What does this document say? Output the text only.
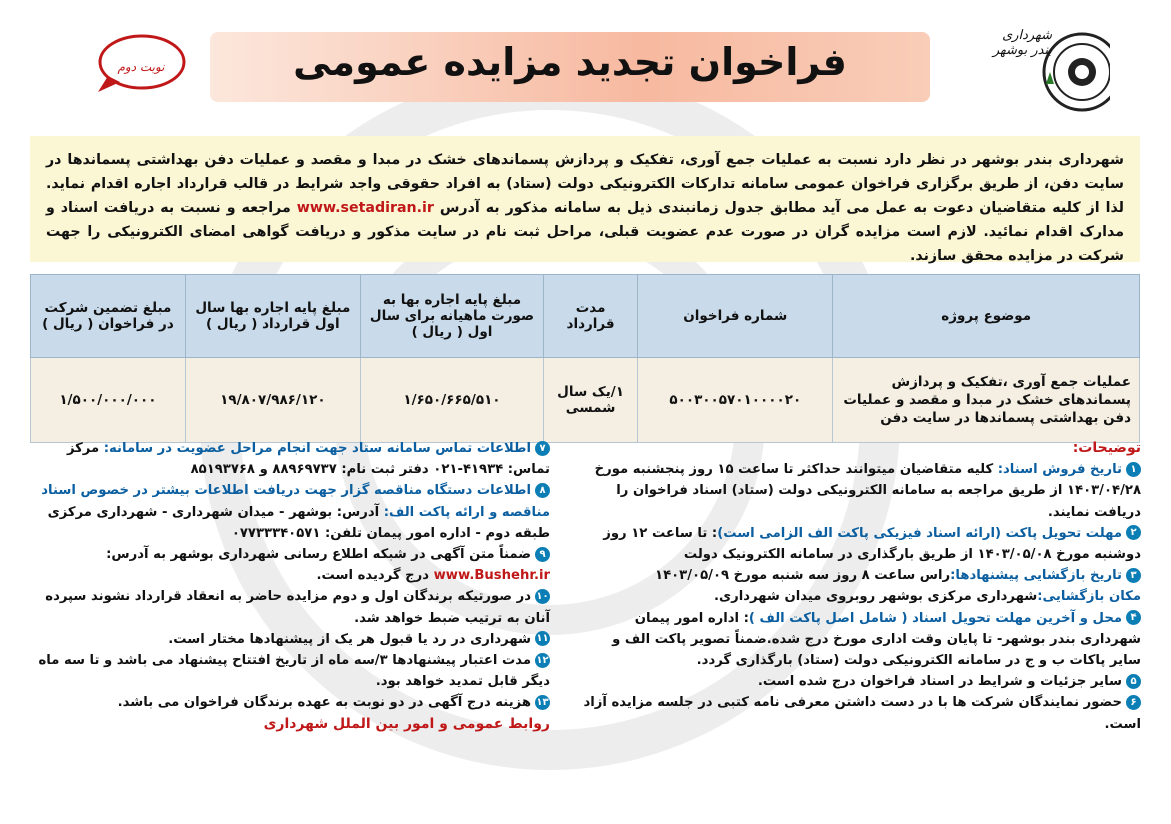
فراخوان تجدید مزایده عمومی
شهرداری بندر بوشهر
نوبت دوم
شهرداری بندر بوشهر در نظر دارد نسبت به عملیات جمع آوری، تفکیک و پردازش پسماندهای خشک در مبدا و مقصد و عملیات دفن بهداشتی پسماندها در سایت دفن، از طریق برگزاری فراخوان عمومی سامانه تدارکات الکترونیکی دولت (ستاد) به افراد حقوقی واجد شرایط در قالب قرارداد اجاره اقدام نماید. لذا از کلیه متقاضیان دعوت به عمل می آید مطابق جدول زمانبندی ذیل به سامانه مذکور به آدرس www.setadiran.ir مراجعه و نسبت به دریافت اسناد و مدارک اقدام نمائید. لازم است مزایده گران در صورت عدم عضویت قبلی، مراحل ثبت نام در سایت مذکور و دریافت گواهی امضای الکترونیکی را جهت شرکت در مزایده محقق سازند.
موضوع پروژه	شماره فراخوان	مدت قرارداد	مبلغ پایه اجاره بها به صورت ماهیانه برای سال اول ( ریال )	مبلغ پایه اجاره بها سال اول قرارداد ( ریال )	مبلغ تضمین شرکت در فراخوان ( ریال )
عملیات جمع آوری ،تفکیک و پردازش پسماندهای خشک در مبدا و مقصد و عملیات دفن بهداشتی پسماندها در سایت دفن	۵۰۰۳۰۰۵۷۰۱۰۰۰۰۲۰	۱/یک سال شمسی	۱/۶۵۰/۶۶۵/۵۱۰	۱۹/۸۰۷/۹۸۶/۱۲۰	۱/۵۰۰/۰۰۰/۰۰۰
توضیحات:

۱تاریخ فروش اسناد: کلیه متقاضیان میتوانند حداکثر تا ساعت ۱۵ روز پنجشنبه مورخ ۱۴۰۳/۰۴/۲۸ از طریق مراجعه به سامانه الکترونیکی دولت (ستاد) اسناد فراخوان را دریافت نمایند.

۲مهلت تحویل پاکت (ارائه اسناد فیزیکی پاکت الف الزامی است): تا ساعت ۱۲ روز دوشنبه مورخ ۱۴۰۳/۰۵/۰۸ از طریق بارگذاری در سامانه الکترونیک دولت

۳تاریخ بازگشایی پیشنهادها:راس ساعت ۸ روز سه شنبه مورخ ۱۴۰۳/۰۵/۰۹

مکان بازگشایی:شهرداری مرکزی بوشهر روبروی میدان شهرداری.

۴محل و آخرین مهلت تحویل اسناد ( شامل اصل پاکت الف ): اداره امور پیمان شهرداری بندر بوشهر- تا پایان وقت اداری مورخ درج شده.ضمناً تصویر پاکت الف و سایر پاکات ب و ج در سامانه الکترونیکی دولت (ستاد) بارگذاری گردد.

۵سایر جزئیات و شرایط در اسناد فراخوان درج شده است.

۶حضور نمایندگان شرکت ها با در دست داشتن معرفی نامه کتبی در جلسه مزایده آزاد است.

۷اطلاعات تماس سامانه ستاد جهت انجام مراحل عضویت در سامانه: مرکز تماس: ۴۱۹۳۴-۰۲۱ دفتر ثبت نام: ۸۸۹۶۹۷۳۷ و ۸۵۱۹۳۷۶۸

۸اطلاعات دستگاه مناقصه گزار جهت دریافت اطلاعات بیشتر در خصوص اسناد مناقصه و ارائه پاکت الف: آدرس: بوشهر - میدان شهرداری - شهرداری مرکزی طبقه دوم - اداره امور پیمان تلفن: ۰۷۷۳۳۳۴۰۵۷۱

۹ضمناً متن آگهی در شبکه اطلاع رسانی شهرداری بوشهر به آدرس: www.Bushehr.ir درج گردیده است.

۱۰در صورتیکه برندگان اول و دوم مزایده حاضر به انعقاد قرارداد نشوند سپرده آنان به ترتیب ضبط خواهد شد.

۱۱شهرداری در رد یا قبول هر یک از پیشنهادها مختار است.

۱۲مدت اعتبار پیشنهادها ۳/سه ماه از تاریخ افتتاح پیشنهاد می باشد و تا سه ماه دیگر قابل تمدید خواهد بود.

۱۳هزینه درج آگهی در دو نوبت به عهده برندگان فراخوان می باشد.

روابط عمومی و امور بین الملل شهرداری
